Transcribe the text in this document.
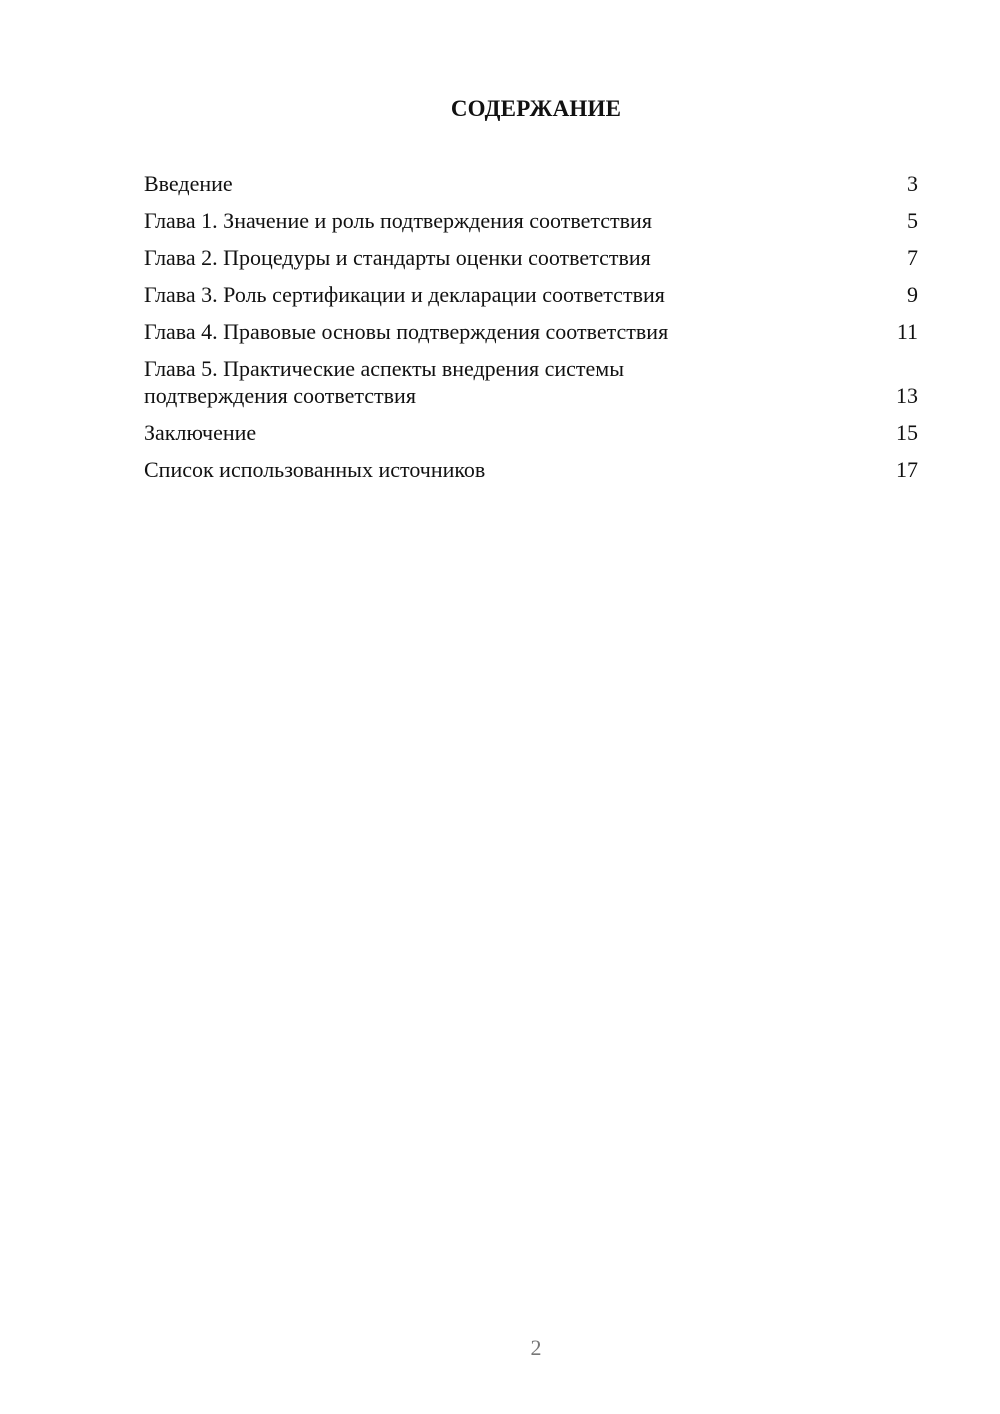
СОДЕРЖАНИЕ
Введение	3
Глава 1. Значение и роль подтверждения соответствия	5
Глава 2. Процедуры и стандарты оценки соответствия	7
Глава 3. Роль сертификации и декларации соответствия	9
Глава 4. Правовые основы подтверждения соответствия	11
Глава 5. Практические аспекты внедрения системы подтверждения соответствия	13
Заключение	15
Список использованных источников	17
2
